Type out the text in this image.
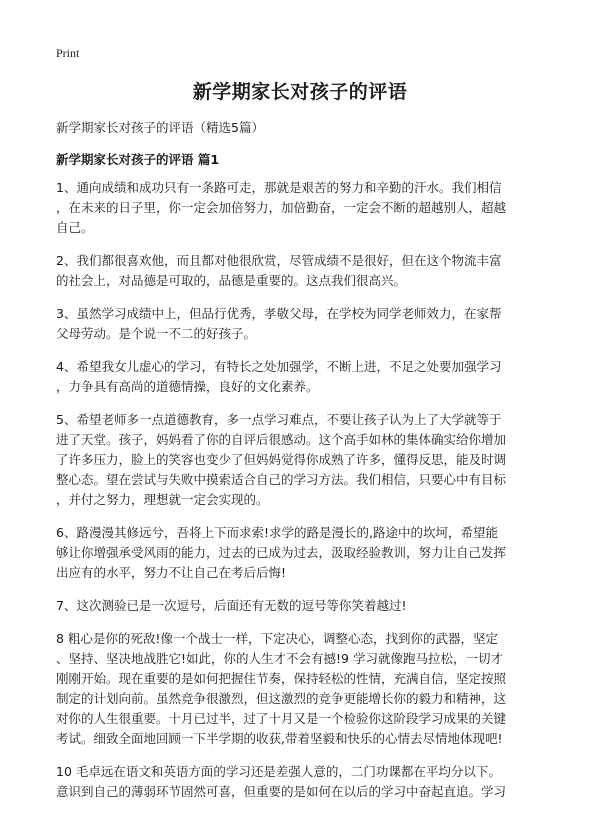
Print
新学期家长对孩子的评语
新学期家长对孩子的评语（精选5篇）
新学期家长对孩子的评语 篇1

1、通向成绩和成功只有一条路可走，那就是艰苦的努力和辛勤的汗水。我们相信
，在未来的日子里，你一定会加倍努力，加倍勤奋，一定会不断的超越别人，超越
自己。

2、我们都很喜欢他，而且都对他很欣赏，尽管成绩不是很好，但在这个物流丰富
的社会上，对品德是可取的，品德是重要的。这点我们很高兴。

3、虽然学习成绩中上，但品行优秀，孝敬父母，在学校为同学老师效力，在家帮
父母劳动。是个说一不二的好孩子。

4、希望我女儿虚心的学习，有特长之处加强学，不断上进，不足之处要加强学习
，力争具有高尚的道德情操，良好的文化素养。

5、希望老师多一点道德教育，多一点学习难点，不要让孩子认为上了大学就等于
进了天堂。孩子，妈妈看了你的自评后很感动。这个高手如林的集体确实给你增加
了许多压力，脸上的笑容也变少了但妈妈觉得你成熟了许多，懂得反思，能及时调
整心态。望在尝试与失败中摸索适合自己的学习方法。我们相信，只要心中有目标
，并付之努力，理想就一定会实现的。

6、路漫漫其修远兮，吾将上下而求索!求学的路是漫长的,路途中的坎坷，希望能
够让你增强承受风雨的能力，过去的已成为过去，汲取经验教训，努力让自己发挥
出应有的水平，努力不让自己在考后后悔!

7、这次测验已是一次逗号，后面还有无数的逗号等你笑着越过!

8 粗心是你的死敌!像一个战士一样，下定决心，调整心态，找到你的武器，坚定
、坚持、坚决地战胜它!如此，你的人生才不会有撼!9 学习就像跑马拉松，一切才
刚刚开始。现在重要的是如何把握住节奏，保持轻松的性情，充满自信，坚定按照
制定的计划向前。虽然竞争很激烈，但这激烈的竞争更能增长你的毅力和精神，这
对你的人生很重要。十月已过半，过了十月又是一个检验你这阶段学习成果的关键
考试。细致全面地回顾一下半学期的收获,带着坚毅和快乐的心情去尽情地体现吧!

10 毛卓远在语文和英语方面的学习还是差强人意的，二门功课都在平均分以下。
意识到自己的薄弱环节固然可喜，但重要的是如何在以后的学习中奋起直追。学习
